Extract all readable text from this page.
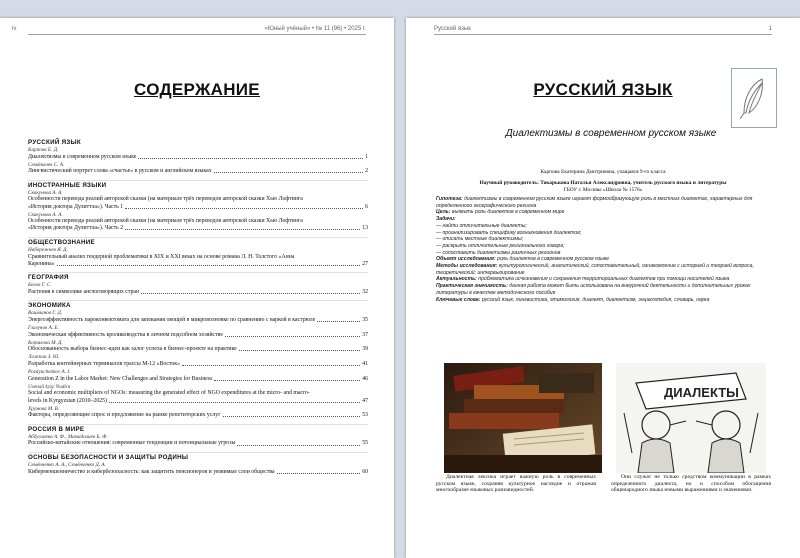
iv	«Юный учёный» • № 11 (96) • 2025 г.
СОДЕРЖАНИЕ
РУССКИЙ ЯЗЫК
Карпова Е. Д.
Диалектизмы в современном русском языке	1
Семёнычев С. А.
Лингвистический портрет слова «счастье» в русском и английском языках	2
ИНОСТРАННЫЕ ЯЗЫКИ
Скакунова А. А.
Особенности перевода реалий авторской сказки (на материале трёх переводов авторской сказки Хью Лофтинга
«История доктора Дулиттла»). Часть 1	6
Скакунова А. А.
Особенности перевода реалий авторской сказки (на материале трёх переводов авторской сказки Хью Лофтинга
«История доктора Дулиттла»). Часть 2	13
ОБЩЕСТВОЗНАНИЕ
Набережнев Я. Д.
Сравнительный анализ гендерной проблематики в XIX и XXI веках на основе романа Л. Н. Толстого «Анна
Каренина»	27
ГЕОГРАФИЯ
Белов Г. С.
Растения в символике англоговорящих стран	32
ЭКОНОМИКА
Вашманов Г. Д.
Энергоэффективность пароконвектомата для запекания овощей в микроволновке по сравнению с варкой в кастрюле	35
Глазунов А. Е.
Экономическая эффективность кролиководства в личном подсобном хозяйстве	37
Котилова М. Д.
Обоснованность выбора бизнес-идеи как залог успеха в бизнес-проекте на практике	39
Ложкин З. Ю.
Разработка контейнерных терминалов трассы М-12 «Восток»	41
Pozdyuchenkov A. I.
Generation Z in the Labor Market: New Challenges and Strategies for Business	46
Usenali kyzy Nadira
Social and economic multipliers of NGOs: measuring the generated effect of NGO expenditures at the micro- and macro-
levels in Kyrgyzstan (2010–2025)	47
Хрумова М. В.
Факторы, определяющие спрос и предложение на рынке репетиторских услуг	53
РОССИЯ В МИРЕ
Абдуллаева А. Ф., Мамадалиев Б. Ф.
Российско-китайские отношения: современные тенденции и потенциальные угрозы	55
ОСНОВЫ БЕЗОПАСНОСТИ И ЗАЩИТЫ РОДИНЫ
Семёнченко А. А., Семёнченко Д. А.
Киберменшенничество и кибербезопасность: как защитить пенсионеров и уязвимые слои общества	60
Русский язык	1
РУССКИЙ ЯЗЫК
Диалектизмы в современном русском языке
Карпова Екатерина Дмитриевна, учащаяся 9-го класса
Научный руководитель: Токарькова Наталья Александровна, учитель русского языка и литературы
ГБОУ г. Москвы «Школа № 1576»
Гипотеза: диалектизмы в современном русском языке играют формообразующую роль в местных диалектах, характерных для определенного географического региона
Цель: выявить роль диалектов в современном мире
Задачи:
— найти отличительные диалекты;
— проанализировать специфику возникновения диалектов;
— описать местные диалектизмы;
— раскрыть отличительные регионального говора;
— сопоставить диалектизмы различных регионов
Объект исследования: роль диалектов в современном русском языке
Методы исследования: культурологический, аналитический, сопоставительный, ознакомление с историей и теорией вопроса, теоретический; интервьюирование
Актуальность: проблематика исчезновения и сохранения территориальных диалектов при помощи носителей языка
Практическая значимость: данная работа может быть использована на внеурочной деятельности и дополнительных уроках литературы в качестве методического пособия
Ключевые слова: русский язык, лингвистика, этимология, диалект, диалектизм, энциклопедия, словарь, наука
ДИАЛЕКТЫ
Диалектная лексика играет важную роль в современных русском языке, сохраняя культурное наследие и отражая многообразие языковых разновидностей.
Они служат не только средством коммуникации в рамках определенного диалекта, но и способом обогащения общенародного языка новыми выражениями и значениями.
